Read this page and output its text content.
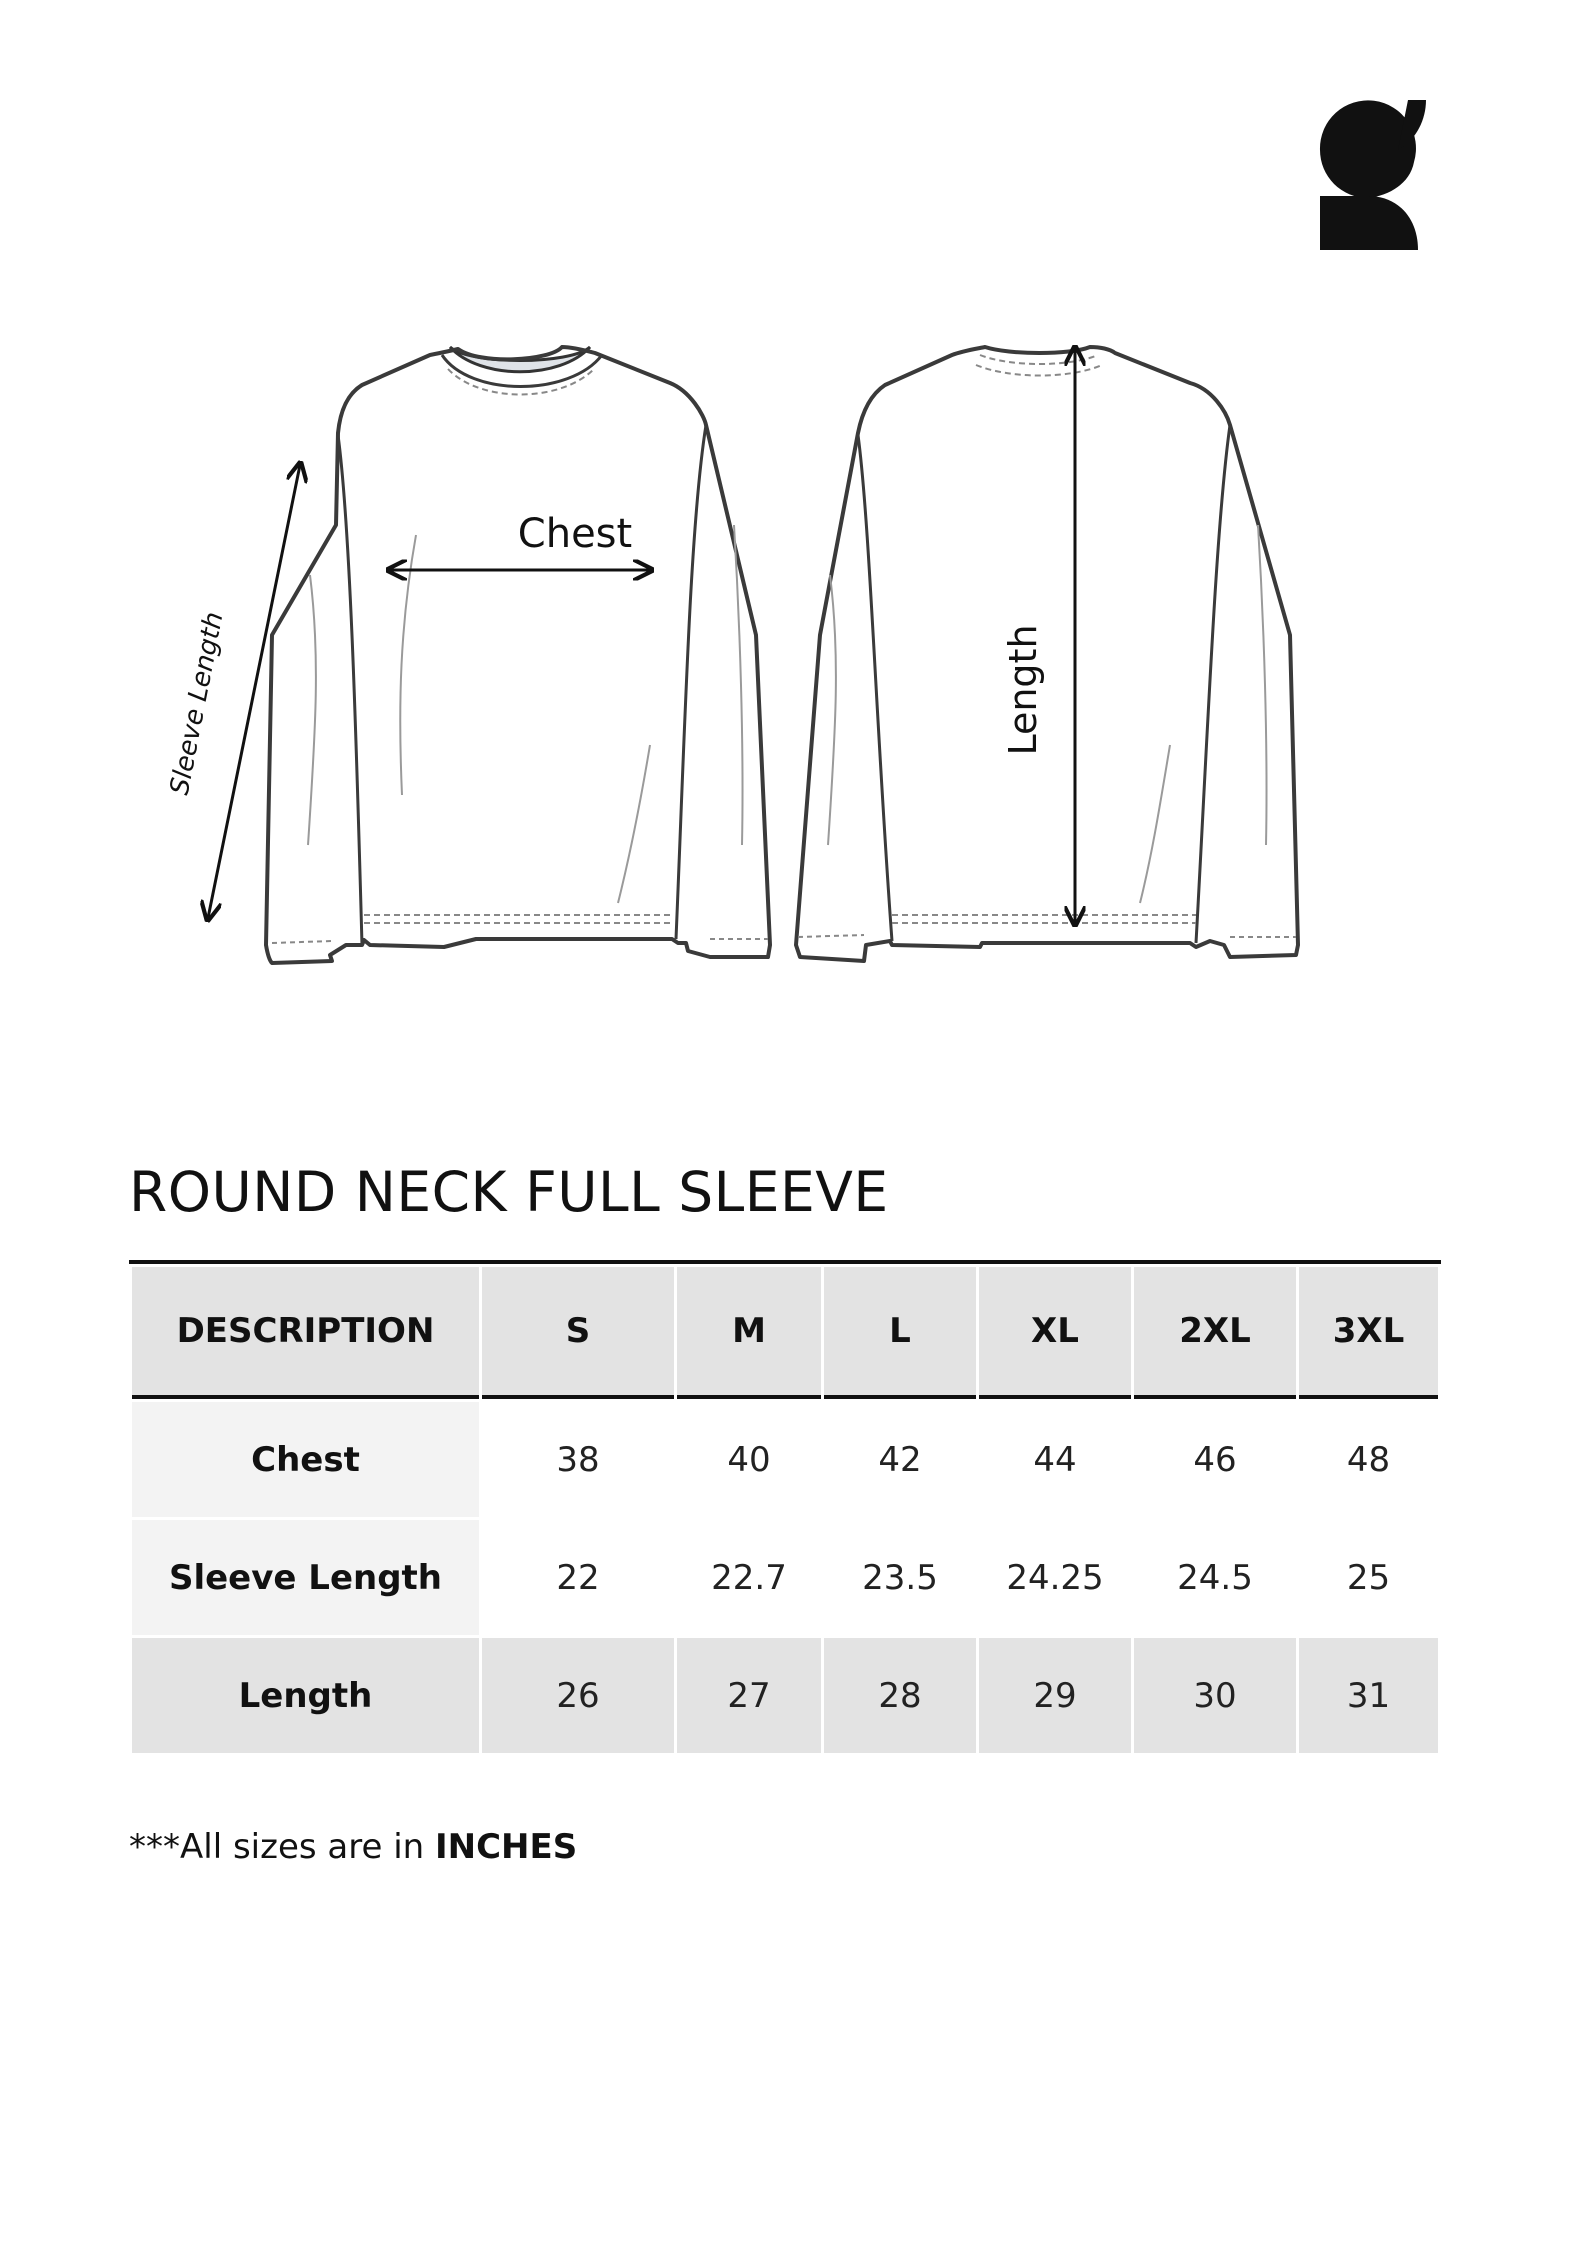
Chest
Sleeve Length	Length
ROUND NECK FULL SLEEVE
DESCRIPTION	S	M	L	XL	2XL	3XL
Chest	38	40	42	44	46	48
Sleeve Length	22	22.7	23.5	24.25	24.5	25
Length	26	27	28	29	30	31

***All sizes are in INCHES
